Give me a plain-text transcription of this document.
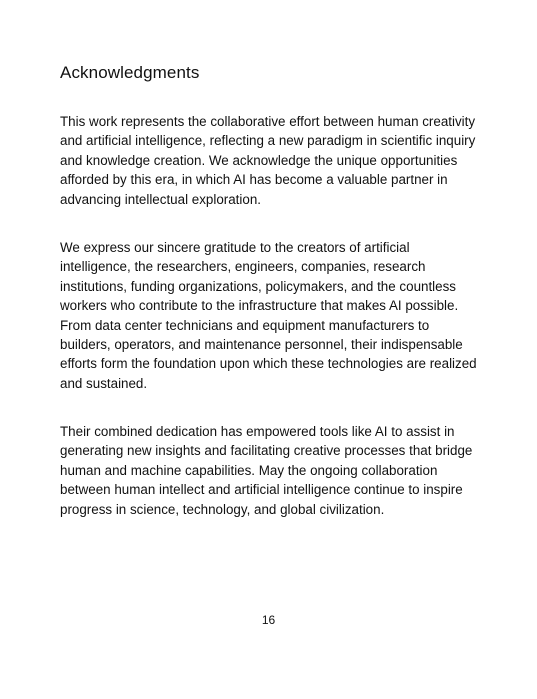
Acknowledgments

This work represents the collaborative effort between human creativity and artificial intelligence, reflecting a new paradigm in scientific inquiry and knowledge creation. We acknowledge the unique opportunities afforded by this era, in which AI has become a valuable partner in advancing intellectual exploration.

We express our sincere gratitude to the creators of artificial intelligence, the researchers, engineers, companies, research institutions, funding organizations, policymakers, and the countless workers who contribute to the infrastructure that makes AI possible. From data center technicians and equipment manufacturers to builders, operators, and maintenance personnel, their indispensable efforts form the foundation upon which these technologies are realized and sustained.

Their combined dedication has empowered tools like AI to assist in generating new insights and facilitating creative processes that bridge human and machine capabilities. May the ongoing collaboration between human intellect and artificial intelligence continue to inspire progress in science, technology, and global civilization.

16
